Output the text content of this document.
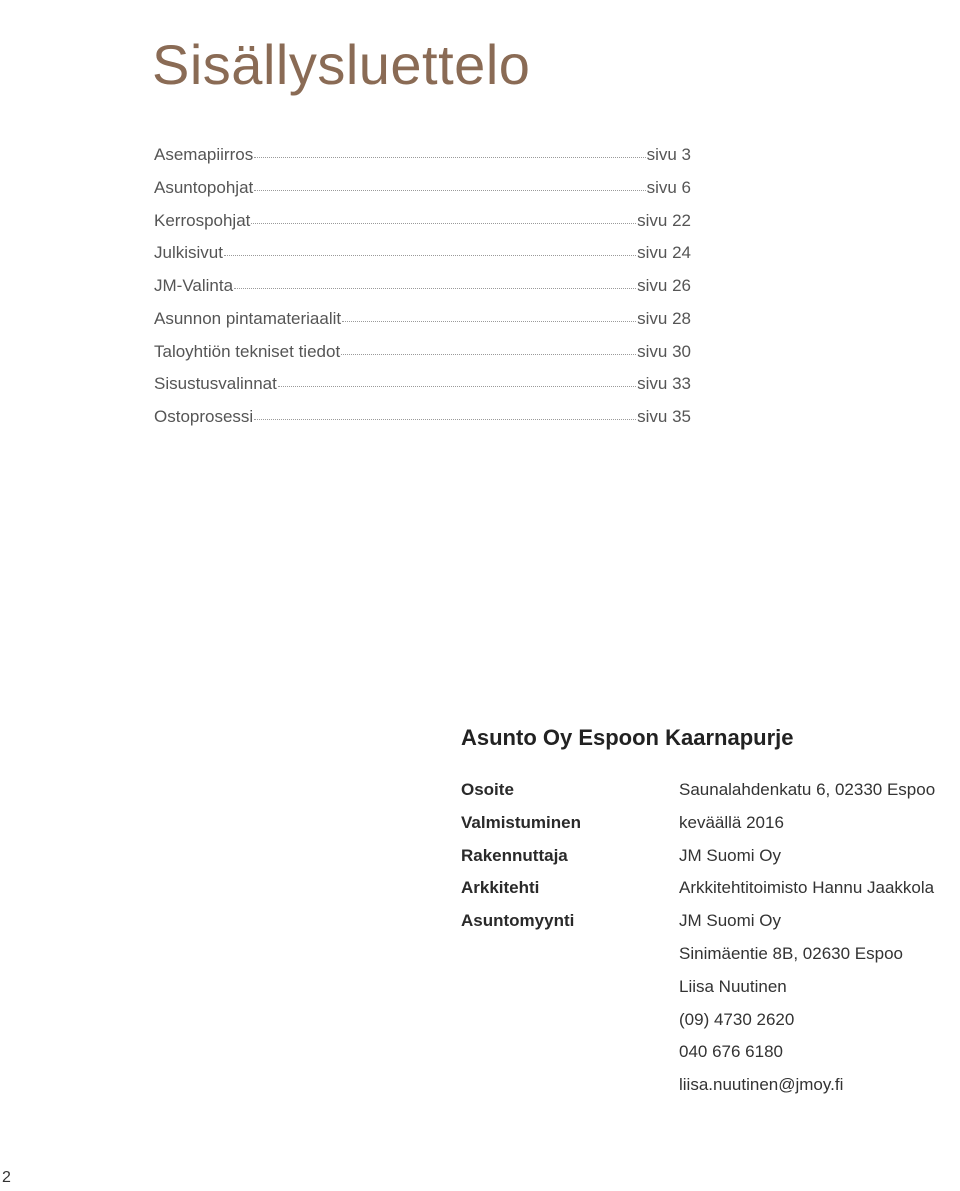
Sisällysluettelo
Asemapiirros	sivu 3
Asuntopohjat	sivu 6
Kerrospohjat	sivu 22
Julkisivut	sivu 24
JM-Valinta	sivu 26
Asunnon pintamateriaalit	sivu 28
Taloyhtiön tekniset tiedot	sivu 30
Sisustusvalinnat	sivu 33
Ostoprosessi	sivu 35
Asunto Oy Espoon Kaarnapurje
Osoite	Saunalahdenkatu 6, 02330 Espoo
Valmistuminen	keväällä 2016
Rakennuttaja	JM Suomi Oy
Arkkitehti	Arkkitehtitoimisto Hannu Jaakkola
Asuntomyynti	JM Suomi Oy
Sinimäentie 8B, 02630 Espoo
Liisa Nuutinen
(09) 4730 2620
040 676 6180
liisa.nuutinen@jmoy.fi
2
